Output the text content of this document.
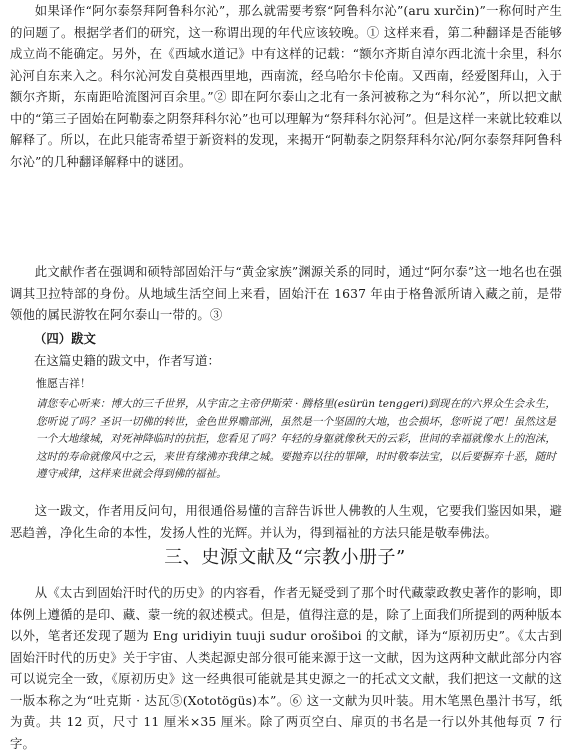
如果译作“阿尔泰祭拜阿鲁科尔沁”，那么就需要考察“阿鲁科尔沁”(aru xurčin)”一称何时产生的问题了。根据学者们的研究，这一称谓出现的年代应该较晚。① 这样来看，第二种翻译是否能够成立尚不能确定。另外，在《西域水道记》中有这样的记载：“额尔齐斯自淖尔西北流十余里，科尔沁河自东来入之。科尔沁河发自莫根西里地，西南流，经乌哈尔卡伦南。又西南，经爱图拜山，入于额尔齐斯，东南距哈流图河百余里。”② 即在阿尔泰山之北有一条河被称之为“科尔沁”，所以把文献中的“第三子固始在阿勒泰之阴祭拜科尔沁”也可以理解为“祭拜科尔沁河”。但是这样一来就比较难以解释了。所以，在此只能寄希望于新资料的发现，来揭开“阿勒泰之阴祭拜科尔沁/阿尔泰祭拜阿鲁科尔沁”的几种翻译解释中的谜团。

此文献作者在强调和硕特部固始汗与“黄金家族”渊源关系的同时，通过“阿尔泰”这一地名也在强调其卫拉特部的身份。从地域生活空间上来看，固始汗在 1637 年由于格鲁派所请入藏之前，是带领他的属民游牧在阿尔泰山一带的。③

（四）跋文
在这篇史籍的跋文中，作者写道：
惟愿吉祥！

请您专心听来：博大的三千世界，从宇宙之主帝伊斯荣 · 腾格里(esürün tenggeri)到现在的六界众生会永生，您听说了吗？圣识一切佛的转世，金色世界赡部洲，虽然是一个坚固的大地，也会损坏，您听说了吧！虽然这是一个大地缘城，对死神降临时的抗拒，您看见了吗？年轻的身躯就像秋天的云彩，世间的幸福就像水上的泡沫，这时的寿命就像风中之云，来世有缘沸亦我律之城。要抛弃以往的罪障，时时敬奉法宝，以后要摒弃十恶，随时遵守戒律，这样来世就会得到佛的福祉。

这一跋文，作者用反问句，用很通俗易懂的言辞告诉世人佛教的人生观，它要我们鉴因如果，避恶趋善，净化生命的本性，发扬人性的光辉。并认为，得到福祉的方法只能是敬奉佛法。

三、史源文献及“宗教小册子”

从《太古到固始汗时代的历史》的内容看，作者无疑受到了那个时代藏蒙政教史著作的影响，即体例上遵循的是印、藏、蒙一统的叙述模式。但是，值得注意的是，除了上面我们所提到的两种版本以外，笔者还发现了题为 Eng uridiyin tuuji sudur orošiboi 的文献，译为“原初历史”。《太古到固始汗时代的历史》关于宇宙、人类起源史部分很可能来源于这一文献，因为这两种文献此部分内容可以说完全一致，《原初历史》这一经典很可能就是其史源之一的托忒文文献，我们把这一文献的这一版本称之为“吐克斯 · 达瓦⑤(Xototögüs)本”。⑥ 这一文献为贝叶装。用木笔黑色墨汁书写，纸为黄。共 12 页，尺寸 11 厘米×35 厘米。除了两页空白、扉页的书名是一行以外其他每页 7 行字。
